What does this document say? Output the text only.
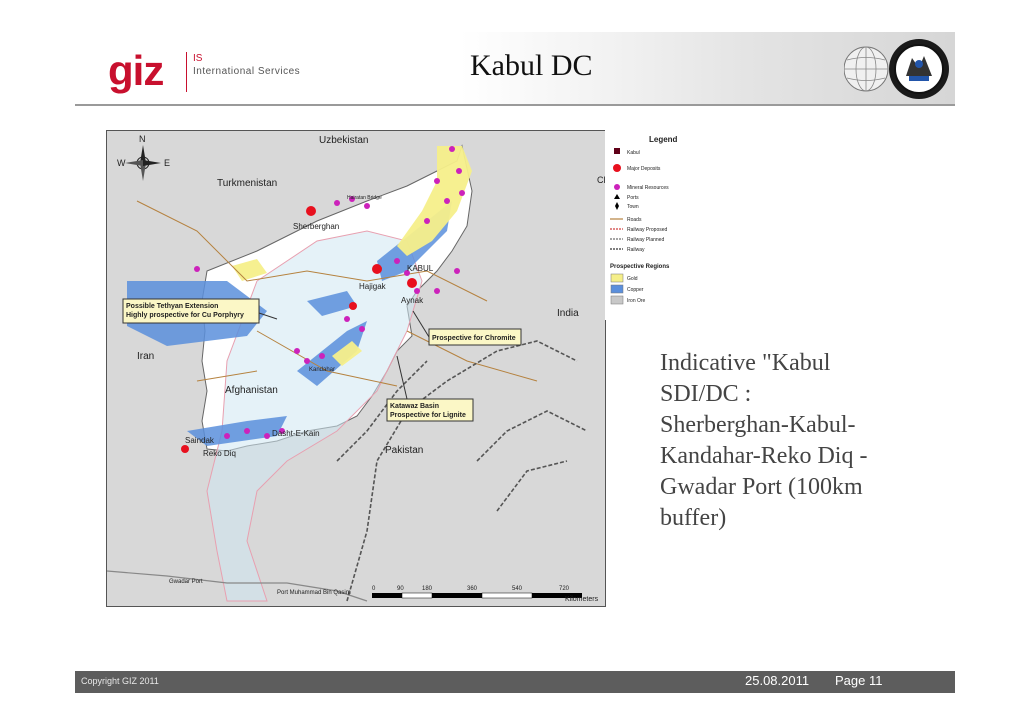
giz	IS
International Services	Kabul DC
N
W	E
Uzbekistan
Turkmenistan
Iran
Afghanistan
Pakistan
India
Sherberghan
Hajigak
KABUL
Aynak
Kandahar
Dasht-E-Kain
Saindak
Reko Diq
Gwadar Port
Port Muhammad Bin Qasim
Hairatan Bridge
Cl
Possible Tethyan Extension Highly prospective for Cu Porphyry
Prospective for Chromite
Katawaz Basin Prospective for Lignite
0	90	180	360	540	720
Kilometers
Legend
Kabul
Major Deposits
Mineral Resources
Ports
Town
Roads
Railway Proposed
Railway Planned
Railway
Prospective Regions
Gold
Copper
Iron Ore
Indicative "Kabul
SDI/DC :
Sherberghan-Kabul-
Kandahar-Reko Diq -
Gwadar Port (100km
buffer)
Copyright GIZ 2011	25.08.2011 Page 11
